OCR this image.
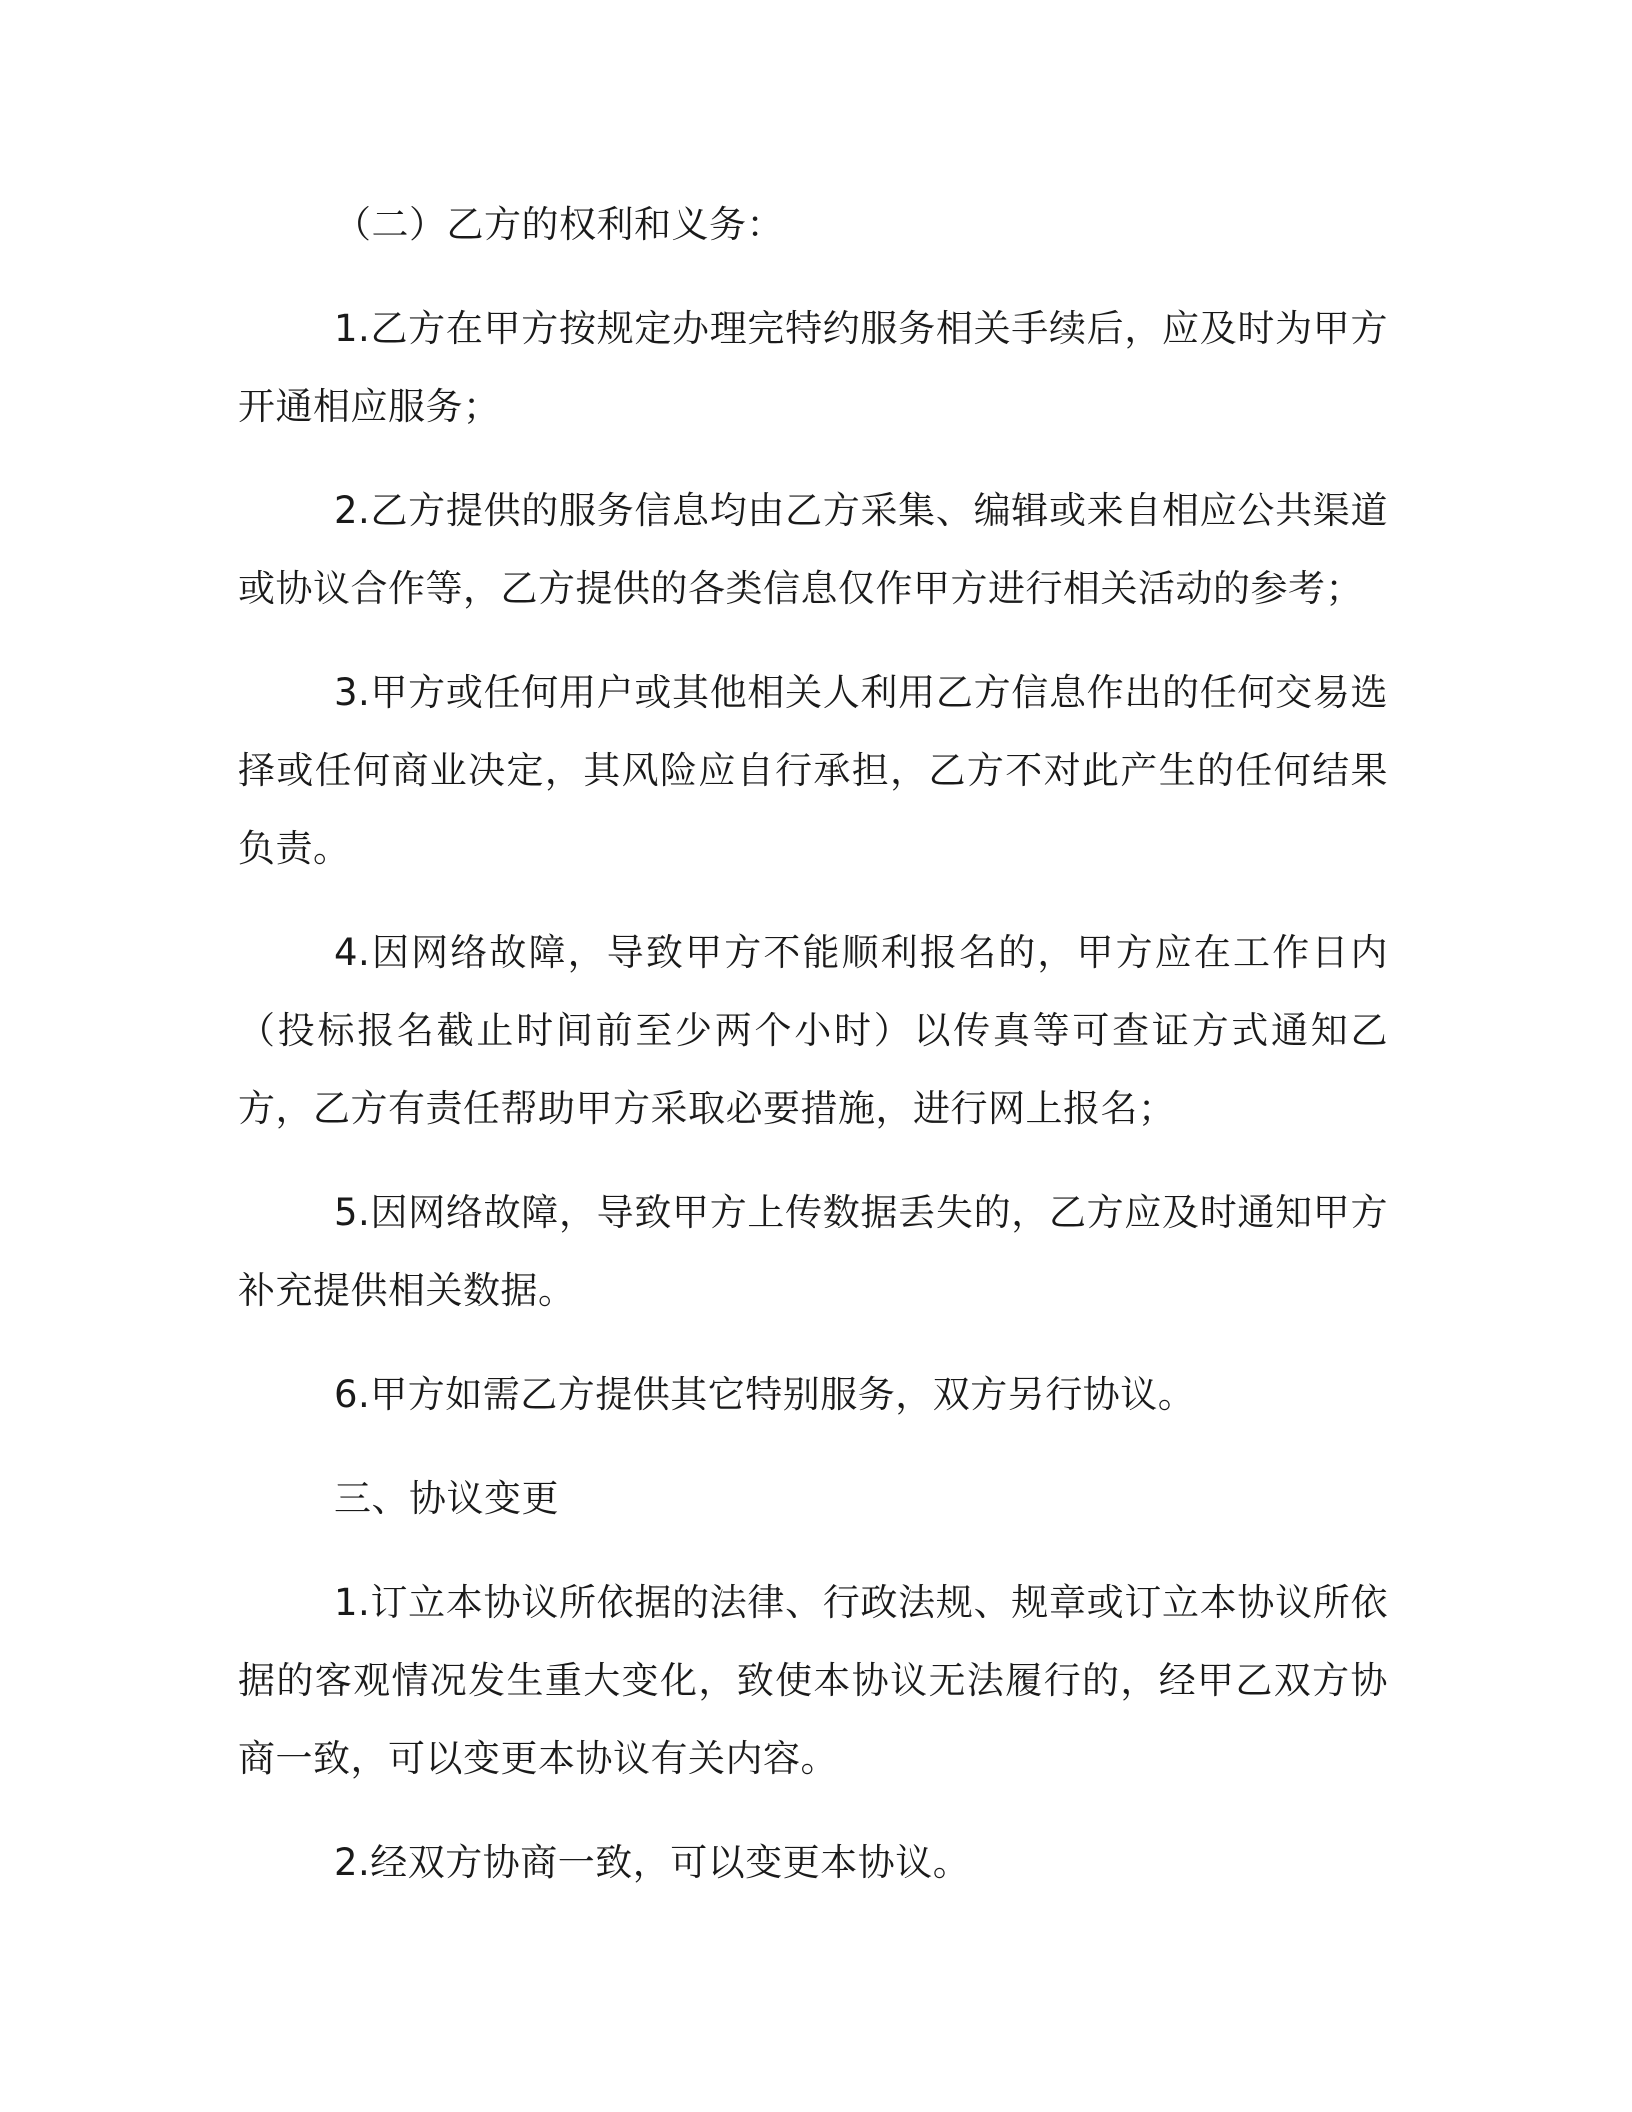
（二）乙方的权利和义务：

1.乙方在甲方按规定办理完特约服务相关手续后，应及时为甲方开通相应服务；

2.乙方提供的服务信息均由乙方采集、编辑或来自相应公共渠道或协议合作等，乙方提供的各类信息仅作甲方进行相关活动的参考；

3.甲方或任何用户或其他相关人利用乙方信息作出的任何交易选择或任何商业决定，其风险应自行承担，乙方不对此产生的任何结果负责。

4.因网络故障，导致甲方不能顺利报名的，甲方应在工作日内（投标报名截止时间前至少两个小时）以传真等可查证方式通知乙方，乙方有责任帮助甲方采取必要措施，进行网上报名；

5.因网络故障，导致甲方上传数据丢失的，乙方应及时通知甲方补充提供相关数据。

6.甲方如需乙方提供其它特别服务，双方另行协议。

三、协议变更

1.订立本协议所依据的法律、行政法规、规章或订立本协议所依据的客观情况发生重大变化，致使本协议无法履行的，经甲乙双方协商一致，可以变更本协议有关内容。

2.经双方协商一致，可以变更本协议。
